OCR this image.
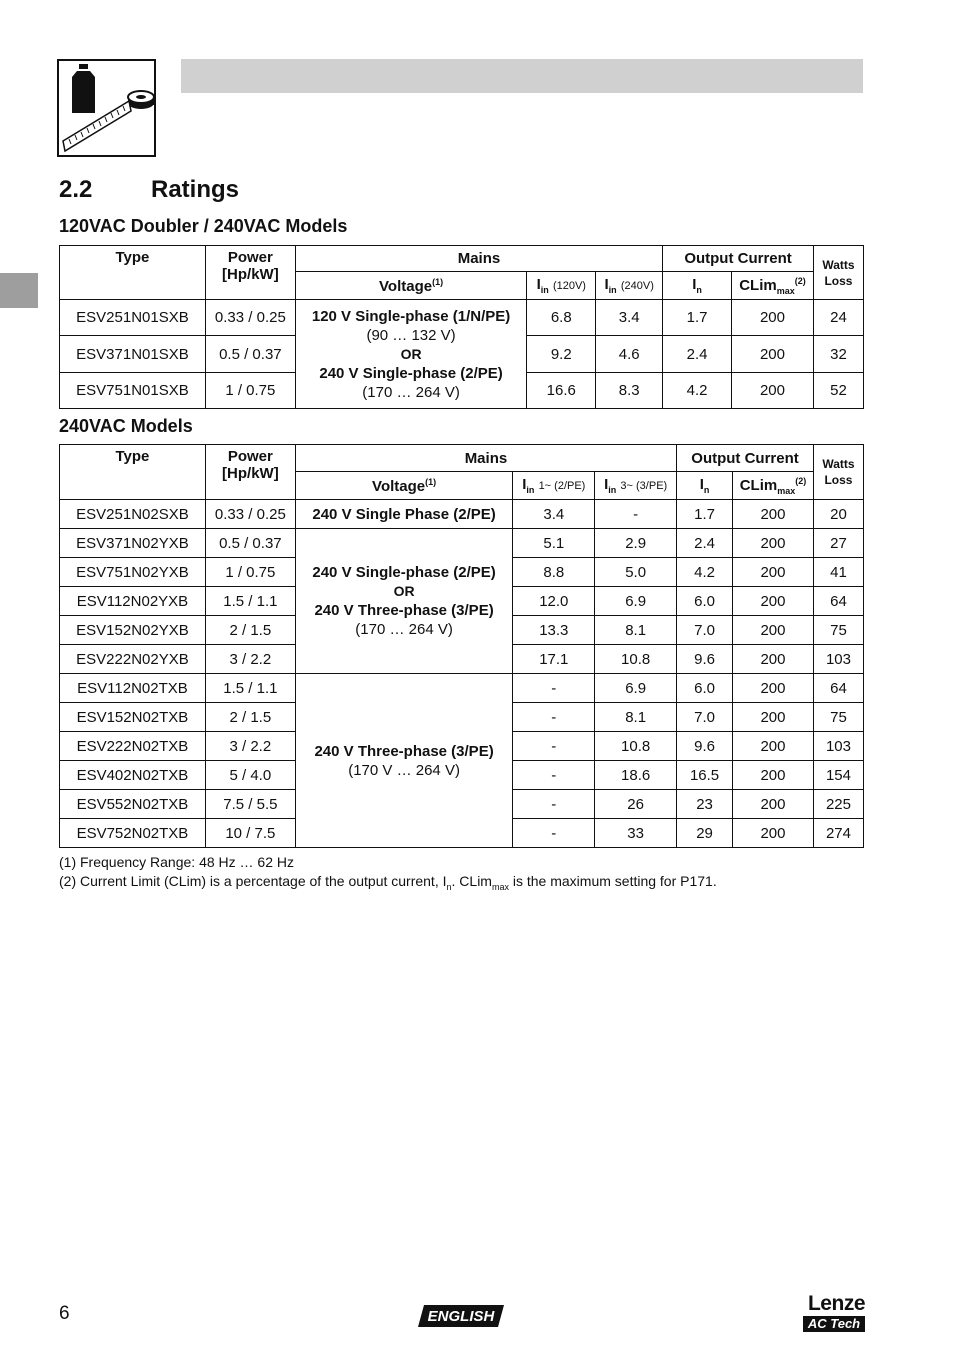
2.2 Ratings
120VAC Doubler / 240VAC Models
Type	Power [Hp/kW]	Mains			Output Current		Watts Loss

		Voltage$^{(1)}$	$I_{in}$ (120V)	$I_{in}$ (240V)	$I_n$	CLim$_{max}^{(2)}$
ESV251N01SXB	0.33 / 0.25	120 V Single-phase (1/N/PE)
(90 … 132 V)
OR
240 V Single-phase (2/PE)
(170 … 264 V)	6.8	3.4	1.7	200	24
ESV371N01SXB	0.5 / 0.37		9.2	4.6	2.4	200	32
ESV751N01SXB	1 / 0.75		16.6	8.3	4.2	200	52
240VAC Models
Type	Power [Hp/kW]	Mains			Output Current		Watts Loss

		Voltage$^{(1)}$	$I_{in}$ 1~ (2/PE)	$I_{in}$ 3~ (3/PE)	$I_n$	CLim$_{max}^{(2)}$
ESV251N02SXB	0.33 / 0.25	240 V Single Phase (2/PE)	3.4	-	1.7	200	20
ESV371N02YXB	0.5 / 0.37	240 V Single-phase (2/PE)
OR
240 V Three-phase (3/PE)
(170 … 264 V)	5.1	2.9	2.4	200	27
ESV751N02YXB	1 / 0.75		8.8	5.0	4.2	200	41
ESV112N02YXB	1.5 / 1.1		12.0	6.9	6.0	200	64
ESV152N02YXB	2 / 1.5		13.3	8.1	7.0	200	75
ESV222N02YXB	3 / 2.2		17.1	10.8	9.6	200	103
ESV112N02TXB	1.5 / 1.1	240 V Three-phase (3/PE)
(170 V … 264 V)	-	6.9	6.0	200	64
ESV152N02TXB	2 / 1.5		-	8.1	7.0	200	75
ESV222N02TXB	3 / 2.2		-	10.8	9.6	200	103
ESV402N02TXB	5 / 4.0		-	18.6	16.5	200	154
ESV552N02TXB	7.5 / 5.5		-	26	23	200	225
ESV752N02TXB	10 / 7.5		-	33	29	200	274
(1) Frequency Range: 48 Hz … 62 Hz
(2) Current Limit (CLim) is a percentage of the output current, $I_n$. CLim$_{max}$ is the maximum setting for P171.
6	ENGLISH
Lenze
AC Tech
